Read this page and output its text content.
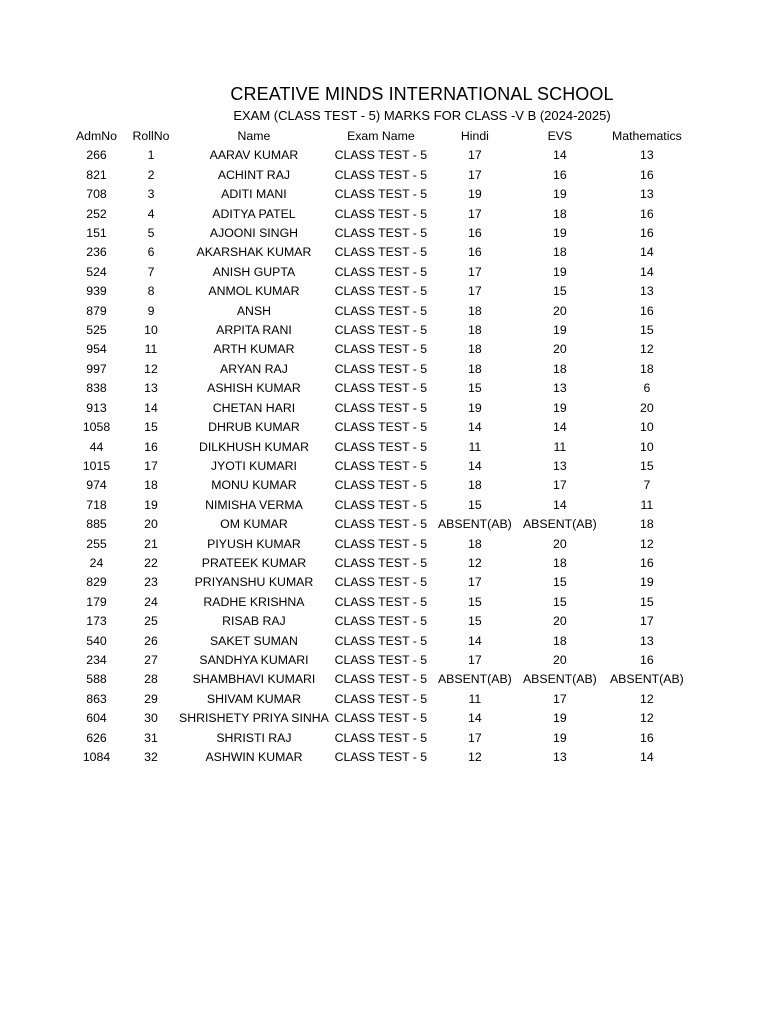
CREATIVE MINDS INTERNATIONAL SCHOOL
EXAM (CLASS TEST - 5) MARKS FOR CLASS -V B (2024-2025)
AdmNo	RollNo	Name	Exam Name	Hindi	EVS	Mathematics
266	1	AARAV KUMAR	CLASS TEST - 5	17	14	13
821	2	ACHINT RAJ	CLASS TEST - 5	17	16	16
708	3	ADITI MANI	CLASS TEST - 5	19	19	13
252	4	ADITYA PATEL	CLASS TEST - 5	17	18	16
151	5	AJOONI SINGH	CLASS TEST - 5	16	19	16
236	6	AKARSHAK KUMAR	CLASS TEST - 5	16	18	14
524	7	ANISH GUPTA	CLASS TEST - 5	17	19	14
939	8	ANMOL KUMAR	CLASS TEST - 5	17	15	13
879	9	ANSH	CLASS TEST - 5	18	20	16
525	10	ARPITA RANI	CLASS TEST - 5	18	19	15
954	11	ARTH KUMAR	CLASS TEST - 5	18	20	12
997	12	ARYAN RAJ	CLASS TEST - 5	18	18	18
838	13	ASHISH KUMAR	CLASS TEST - 5	15	13	6
913	14	CHETAN HARI	CLASS TEST - 5	19	19	20
1058	15	DHRUB KUMAR	CLASS TEST - 5	14	14	10
44	16	DILKHUSH KUMAR	CLASS TEST - 5	11	11	10
1015	17	JYOTI KUMARI	CLASS TEST - 5	14	13	15
974	18	MONU KUMAR	CLASS TEST - 5	18	17	7
718	19	NIMISHA VERMA	CLASS TEST - 5	15	14	11
885	20	OM KUMAR	CLASS TEST - 5	ABSENT(AB)	ABSENT(AB)	18
255	21	PIYUSH KUMAR	CLASS TEST - 5	18	20	12
24	22	PRATEEK KUMAR	CLASS TEST - 5	12	18	16
829	23	PRIYANSHU KUMAR	CLASS TEST - 5	17	15	19
179	24	RADHE KRISHNA	CLASS TEST - 5	15	15	15
173	25	RISAB RAJ	CLASS TEST - 5	15	20	17
540	26	SAKET SUMAN	CLASS TEST - 5	14	18	13
234	27	SANDHYA KUMARI	CLASS TEST - 5	17	20	16
588	28	SHAMBHAVI KUMARI	CLASS TEST - 5	ABSENT(AB)	ABSENT(AB)	ABSENT(AB)
863	29	SHIVAM KUMAR	CLASS TEST - 5	11	17	12
604	30	SHRISHETY PRIYA SINHA	CLASS TEST - 5	14	19	12
626	31	SHRISTI RAJ	CLASS TEST - 5	17	19	16
1084	32	ASHWIN KUMAR	CLASS TEST - 5	12	13	14
